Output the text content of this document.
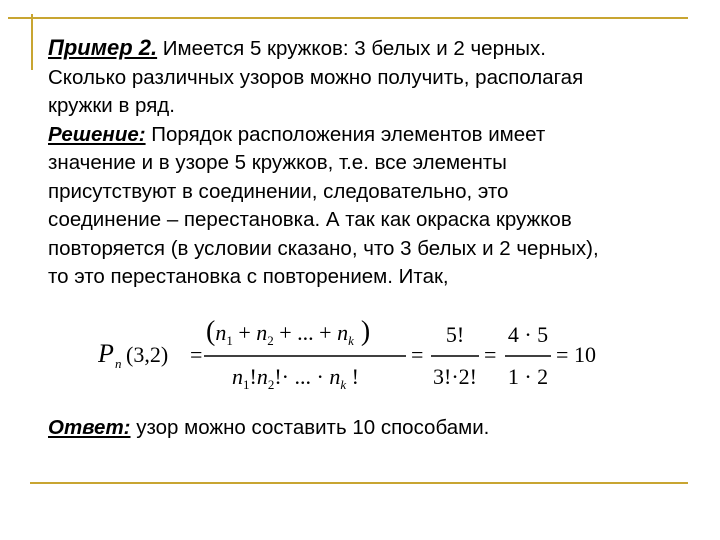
Пример 2. Имеется 5 кружков: 3 белых и 2 черных.
Сколько различных узоров можно получить, располагая
кружки в ряд.
Решение: Порядок расположения элементов имеет
значение и в узоре 5 кружков, т.е. все элементы
присутствуют в соединении, следовательно, это
соединение – перестановка. А так как окраска кружков
повторяется (в условии сказано, что 3 белых и 2 черных),
то это перестановка с повторением. Итак,
P n (3,2) =
($n_1 + n_2$ + ... + $n_k$ )
$n_1!n_2!\cdot$ ... · $n_k$ !
=
5!
3!·2!
=
4 · 5
1 · 2
= 10
Ответ: узор можно составить 10 способами.
